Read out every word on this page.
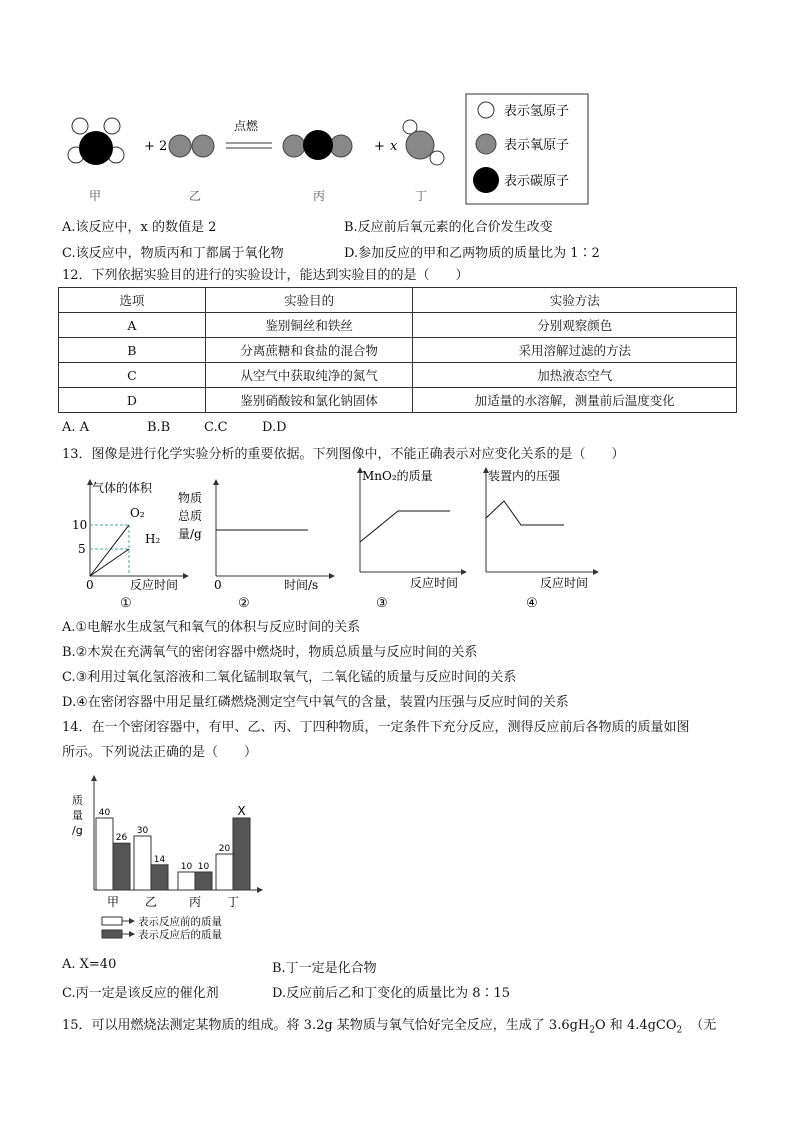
+ 2
点燃
+ x
甲	乙	丙	丁
表示氢原子
表示氧原子
表示碳原子
A.该反应中，x 的数值是 2	B.反应前后氧元素的化合价发生改变
C.该反应中，物质丙和丁都属于氧化物	D.参加反应的甲和乙两物质的质量比为 1∶2
12．下列依据实验目的进行的实验设计，能达到实验目的的是（　　）
选项	实验目的	实验方法
A	鉴别铜丝和铁丝	分别观察颜色
B	分离蔗糖和食盐的混合物	采用溶解过滤的方法
C	从空气中获取纯净的氮气	加热液态空气
D	鉴别硝酸铵和氯化钠固体	加适量的水溶解，测量前后温度变化
A. A	B.B	C.C	D.D
13．图像是进行化学实验分析的重要依据。下列图像中，不能正确表示对应变化关系的是（　　）
气体的体积
10
5
0
O₂
H₂
反应时间
①
物质
总质
量/g
0	时间/s
②
MnO₂的质量
反应时间
③
装置内的压强
反应时间
④
A.①电解水生成氢气和氧气的体积与反应时间的关系
B.②木炭在充满氧气的密闭容器中燃烧时，物质总质量与反应时间的关系
C.③利用过氧化氢溶液和二氧化锰制取氧气，二氧化锰的质量与反应时间的关系
D.④在密闭容器中用足量红磷燃烧测定空气中氧气的含量，装置内压强与反应时间的关系
14．在一个密闭容器中，有甲、乙、丙、丁四种物质，一定条件下充分反应，测得反应前后各物质的质量如图
所示。下列说法正确的是（　　）
质
量
/g
40
26
甲
30
14
乙
10 10
丙
20
X
丁
表示反应前的质量
表示反应后的质量
A. X=40	B.丁一定是化合物
C.丙一定是该反应的催化剂	D.反应前后乙和丁变化的质量比为 8∶15
15．可以用燃烧法测定某物质的组成。将 3.2g 某物质与氧气恰好完全反应，生成了 $3.6gH_2O$ 和 4.4gCO$_2$ （无
